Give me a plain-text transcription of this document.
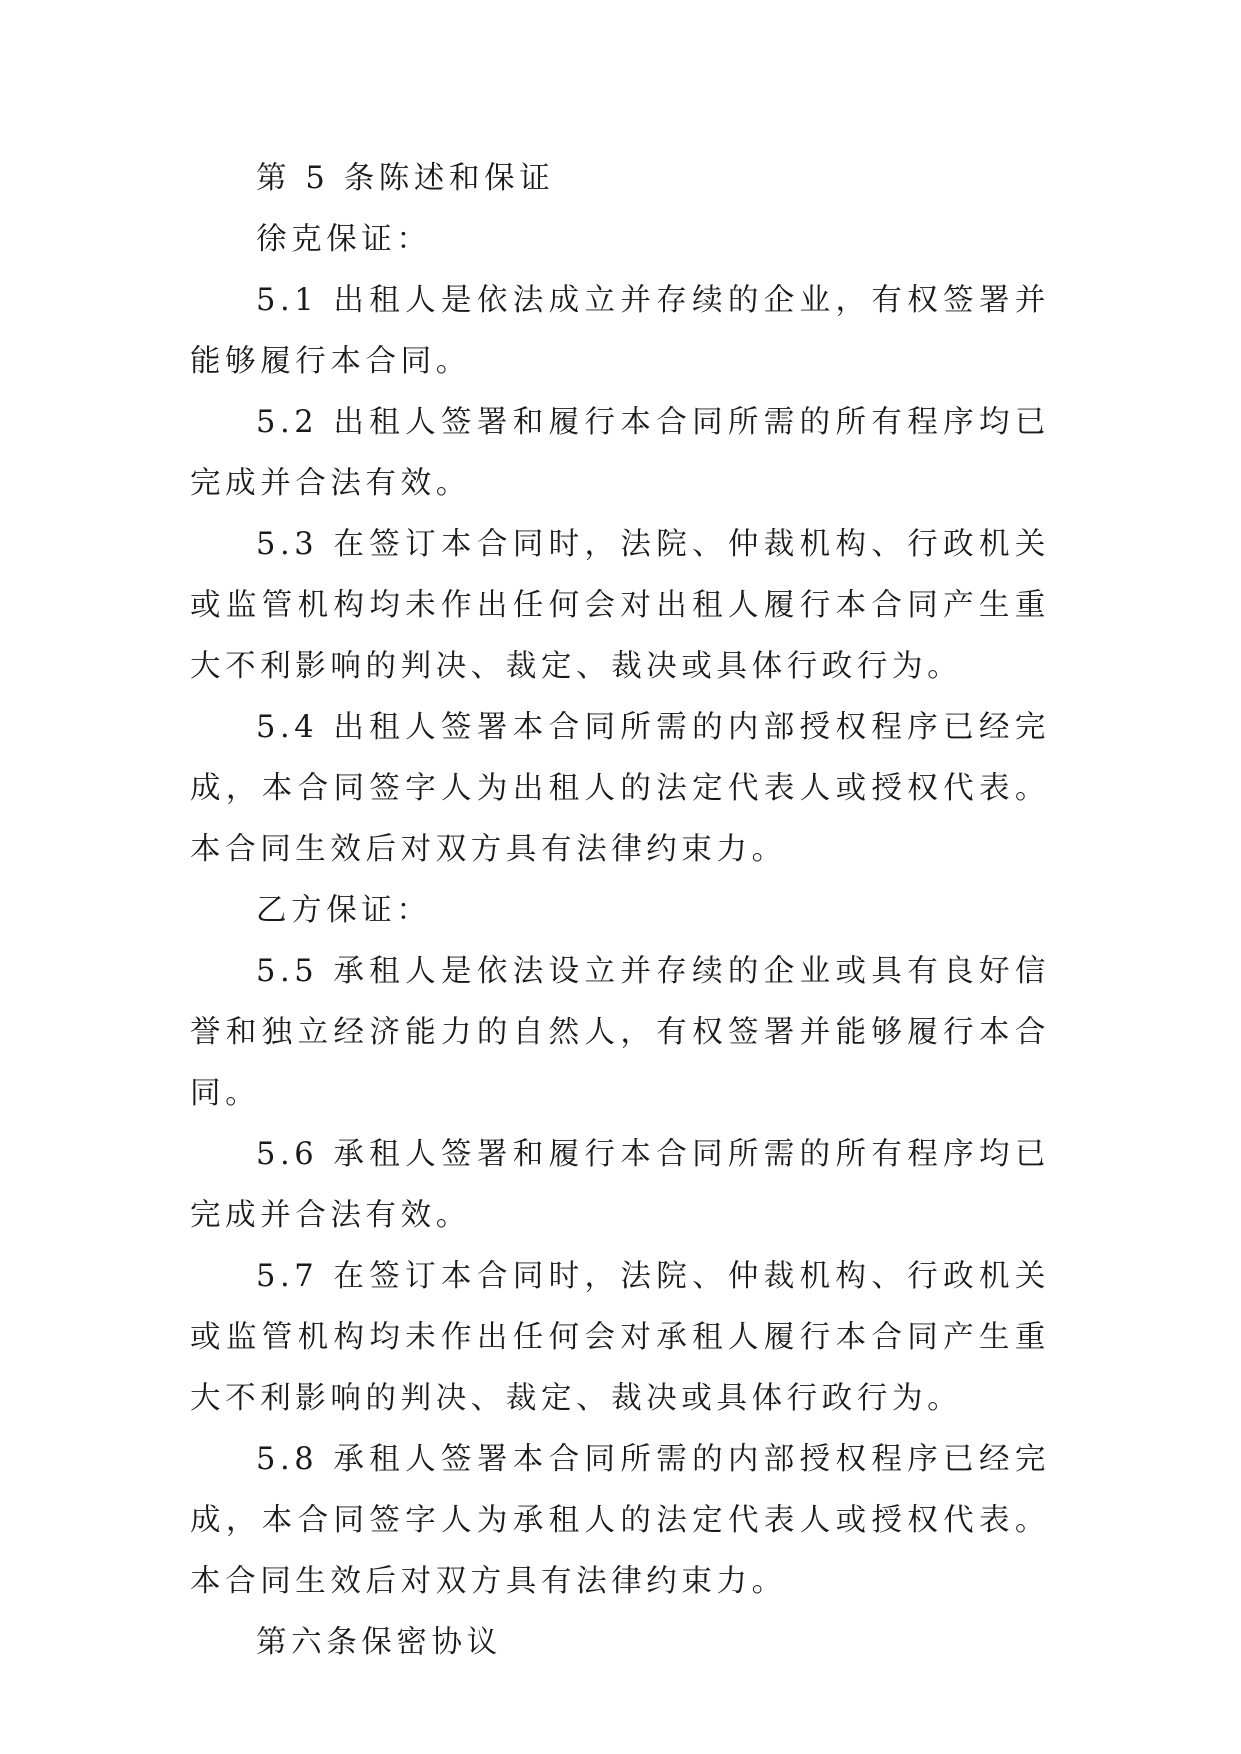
第 5 条陈述和保证

徐克保证：

5.1 出租人是依法成立并存续的企业，有权签署并能够履行本合同。

5.2 出租人签署和履行本合同所需的所有程序均已完成并合法有效。

5.3 在签订本合同时，法院、仲裁机构、行政机关或监管机构均未作出任何会对出租人履行本合同产生重大不利影响的判决、裁定、裁决或具体行政行为。

5.4 出租人签署本合同所需的内部授权程序已经完成，本合同签字人为出租人的法定代表人或授权代表。本合同生效后对双方具有法律约束力。

乙方保证：

5.5 承租人是依法设立并存续的企业或具有良好信誉和独立经济能力的自然人，有权签署并能够履行本合同。

5.6 承租人签署和履行本合同所需的所有程序均已完成并合法有效。

5.7 在签订本合同时，法院、仲裁机构、行政机关或监管机构均未作出任何会对承租人履行本合同产生重大不利影响的判决、裁定、裁决或具体行政行为。

5.8 承租人签署本合同所需的内部授权程序已经完成，本合同签字人为承租人的法定代表人或授权代表。本合同生效后对双方具有法律约束力。

第六条保密协议
